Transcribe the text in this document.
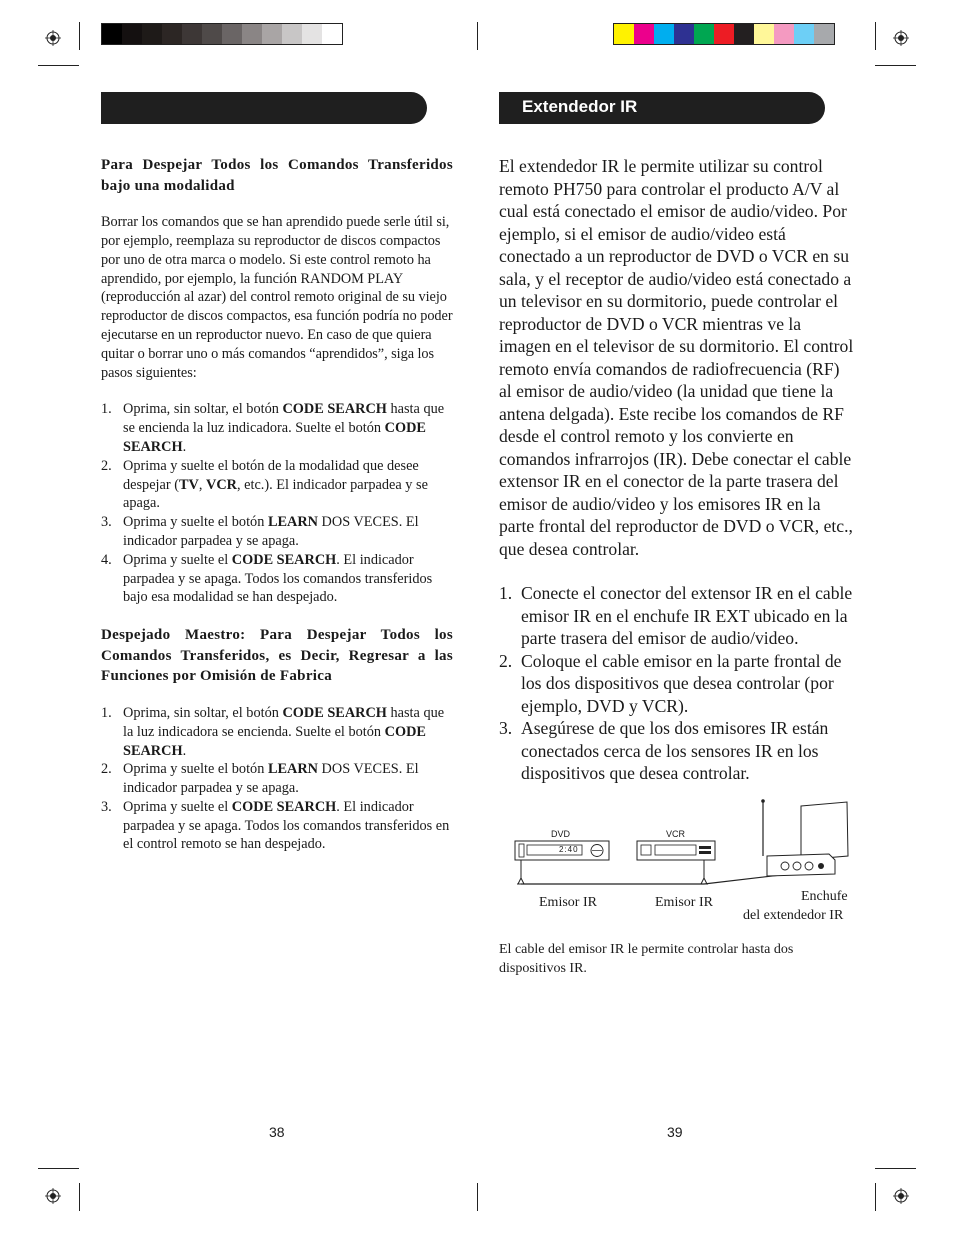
Para Despejar Todos los Comandos Transferidos bajo una modalidad

Borrar los comandos que se han aprendido puede serle útil si, por ejemplo, reemplaza su reproductor de discos compactos por uno de otra marca o modelo. Si este control remoto ha aprendido, por ejemplo, la función RANDOM PLAY (reproducción al azar) del control remoto original de su viejo reproductor de discos compactos, esa función podría no poder ejecutarse en un reproductor nuevo. En caso de que quiera quitar o borrar uno o más comandos “aprendidos”, siga los pasos siguientes:

1. Oprima, sin soltar, el botón CODE SEARCH hasta que se encienda la luz indicadora. Suelte el botón CODE SEARCH.
2. Oprima y suelte el botón de la modalidad que desee despejar (TV, VCR, etc.). El indicador parpadea y se apaga.
3. Oprima y suelte el botón LEARN DOS VECES. El indicador parpadea y se apaga.
4. Oprima y suelte el CODE SEARCH. El indicador parpadea y se apaga. Todos los comandos transferidos bajo esa modalidad se han despejado.
Despejado Maestro: Para Despejar Todos los Comandos Transferidos, es Decir, Regresar a las Funciones por Omisión de Fabrica
1. Oprima, sin soltar, el botón CODE SEARCH hasta que la luz indicadora se encienda. Suelte el botón CODE SEARCH.
2. Oprima y suelte el botón LEARN DOS VECES. El indicador parpadea y se apaga.
3. Oprima y suelte el CODE SEARCH. El indicador parpadea y se apaga. Todos los comandos transferidos en el control remoto se han despejado.
38
Extendedor IR

El extendedor IR le permite utilizar su control remoto PH750 para controlar el producto A/V al cual está conectado el emisor de audio/video. Por ejemplo, si el emisor de audio/video está conectado a un reproductor de DVD o VCR en su sala, y el receptor de audio/video está conectado a un televisor en su dormitorio, puede controlar el reproductor de DVD o VCR mientras ve la imagen en el televisor de su dormitorio. El control remoto envía comandos de radiofrecuencia (RF) al emisor de audio/video (la unidad que tiene la antena delgada). Este recibe los comandos de RF desde el control remoto y los convierte en comandos infrarrojos (IR). Debe conectar el cable extensor IR en el conector de la parte trasera del emisor de audio/video y los emisores IR en la parte frontal del reproductor de DVD o VCR, etc., que desea controlar.

1. Conecte el conector del extensor IR en el cable emisor IR en el enchufe IR EXT ubicado en la parte trasera del emisor de audio/video.
2. Coloque el cable emisor en la parte frontal de los dos dispositivos que desea controlar (por ejemplo, DVD y VCR).
3. Asegúrese de que los dos emisores IR están conectados cerca de los sensores IR en los dispositivos que desea controlar.
DVD
2:40
VCR
Emisor IR	Emisor IR	Enchufe
del extendedor IR
El cable del emisor IR le permite controlar hasta dos dispositivos IR.
39
